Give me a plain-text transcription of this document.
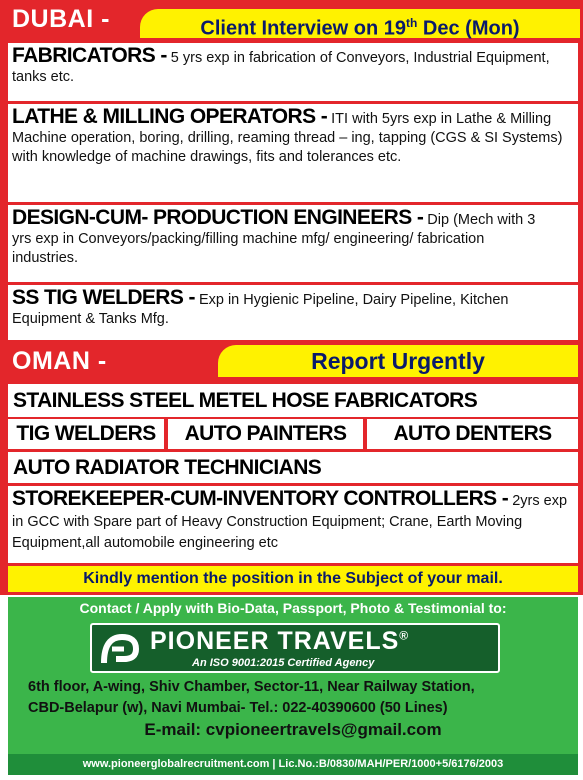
DUBAI -	Client Interview on 19th Dec (Mon)
FABRICATORS - 5 yrs exp in fabrication of Conveyors, Industrial Equipment, tanks etc.
LATHE & MILLING OPERATORS - ITI with 5yrs exp in Lathe & Milling Machine operation, boring, drilling, reaming thread – ing, tapping (CGS & SI Systems) with knowledge of machine drawings, fits and tolerances etc.
DESIGN-CUM- PRODUCTION ENGINEERS - Dip (Mech with 3 yrs exp in Conveyors/packing/filling machine mfg/ engineering/ fabrication industries.
SS TIG WELDERS - Exp in Hygienic Pipeline, Dairy Pipeline, Kitchen Equipment & Tanks Mfg.
OMAN -	Report Urgently
STAINLESS STEEL METEL HOSE FABRICATORS
TIG WELDERS	AUTO PAINTERS	AUTO DENTERS
AUTO RADIATOR TECHNICIANS
STOREKEEPER-CUM-INVENTORY CONTROLLERS - 2yrs exp in GCC with Spare part of Heavy Construction Equipment; Crane, Earth Moving Equipment,all automobile engineering etc
Kindly mention the position in the Subject of your mail.
Contact / Apply with Bio-Data, Passport, Photo & Testimonial to:
PIONEER TRAVELS®
An ISO 9001:2015 Certified Agency
6th floor, A-wing, Shiv Chamber, Sector-11, Near Railway Station,
CBD-Belapur (w), Navi Mumbai- Tel.: 022-40390600 (50 Lines)
E-mail: cvpioneertravels@gmail.com
www.pioneerglobalrecruitment.com | Lic.No.:B/0830/MAH/PER/1000+5/6176/2003
